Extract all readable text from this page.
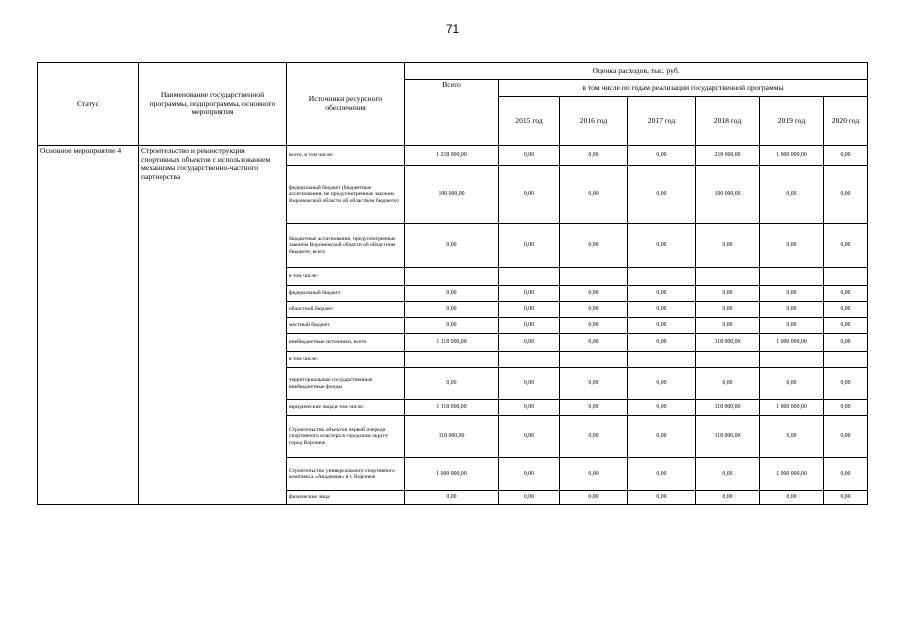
71
Статус	Наименование государственной программы, подпрограммы, основного мероприятия	Источники ресурсного обеспечения	Оценка расходов, тыс. руб.						
			Всего	в том числе по годам реализации государственной программы					
				2015 год	2016 год	2017 год	2018 год	2019 год	2020 год
Основное мероприятие 4	Строительство и реконструкция спортивных объектов с использованием механизма государственно-частного партнерства	всего, в том числе:	1 218 000,00	0,00	0,00	0,00	218 000,00	1 000 000,00	0,00
		федеральный бюджет (бюджетные ассигнования, не предусмотренные законом Воронежской области об областном бюджете)	100 000,00	0,00	0,00	0,00	100 000,00	0,00	0,00
		бюджетные ассигнования, предусмотренные законом Воронежской области об областном бюджете, всего	0,00	0,00	0,00	0,00	0,00	0,00	0,00
		в том числе:							
		федеральный бюджет	0,00	0,00	0,00	0,00	0,00	0,00	0,00
		областной бюджет	0,00	0,00	0,00	0,00	0,00	0,00	0,00
		местный бюджет	0,00	0,00	0,00	0,00	0,00	0,00	0,00
		внебюджетные источники, всего	1 118 000,00	0,00	0,00	0,00	118 000,00	1 000 000,00	0,00
		в том числе:							
		территориальные государственные внебюджетные фонды	0,00	0,00	0,00	0,00	0,00	0,00	0,00
		юридические лица,в том числе:	1 118 000,00	0,00	0,00	0,00	118 000,00	1 000 000,00	0,00
		Строительство объектов первой очереди спортивного кластера в городском округе город Воронеж	118 000,00	0,00	0,00	0,00	118 000,00	0,00	0,00
		Строительство универсального спортивного комплекса «Академия» в г. Воронеж	1 000 000,00	0,00	0,00	0,00	0,00	1 000 000,00	0,00
		физические лица	0,00	0,00	0,00	0,00	0,00	0,00	0,00
